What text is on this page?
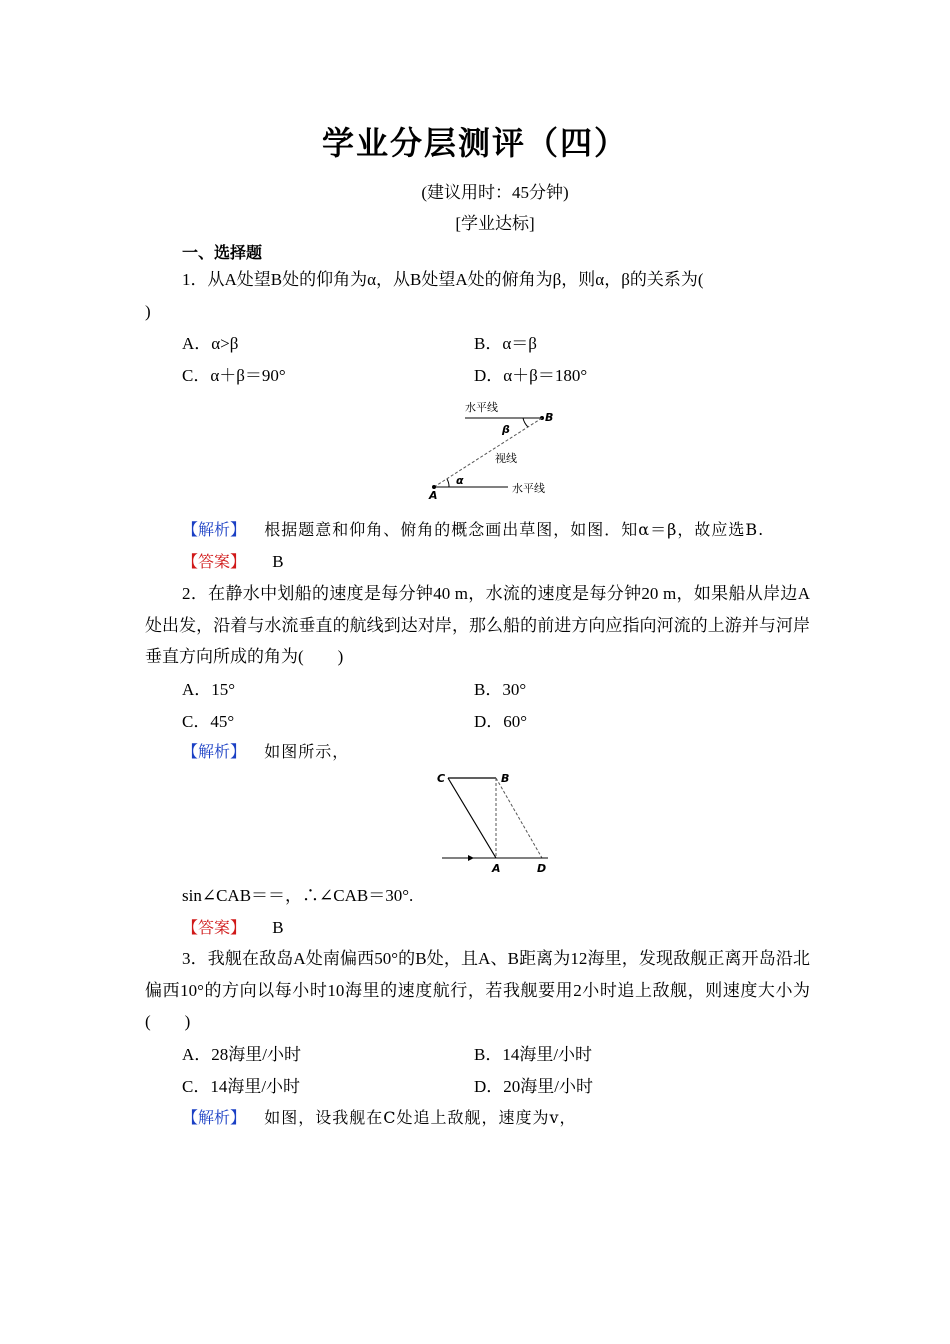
学业分层测评（四）
(建议用时：45分钟)
[学业达标]
一、选择题
1．从A处望B处的仰角为α，从B处望A处的俯角为β，则α，β的关系为(
)
A．α>β	B．α＝β
C．α＋β＝90°	D．α＋β＝180°
水平线
B
β
视线
α
A
水平线
【解析】 根据题意和仰角、俯角的概念画出草图，如图．知α＝β，故应选B.
【答案】 B
2．在静水中划船的速度是每分钟40 m，水流的速度是每分钟20 m，如果船从岸边A处出发，沿着与水流垂直的航线到达对岸，那么船的前进方向应指向河流的上游并与河岸垂直方向所成的角为(　　)
A．15°	B．30°
C．45°	D．60°
【解析】 如图所示，
C	B
A	D
sin∠CAB＝＝，∴∠CAB＝30°.
【答案】 B
3．我舰在敌岛A处南偏西50°的B处，且A、B距离为12海里，发现敌舰正离开岛沿北偏西10°的方向以每小时10海里的速度航行，若我舰要用2小时追上敌舰，则速度大小为(　　)
A．28海里/小时	B．14海里/小时
C．14海里/小时	D．20海里/小时
【解析】 如图，设我舰在C处追上敌舰，速度为v，
